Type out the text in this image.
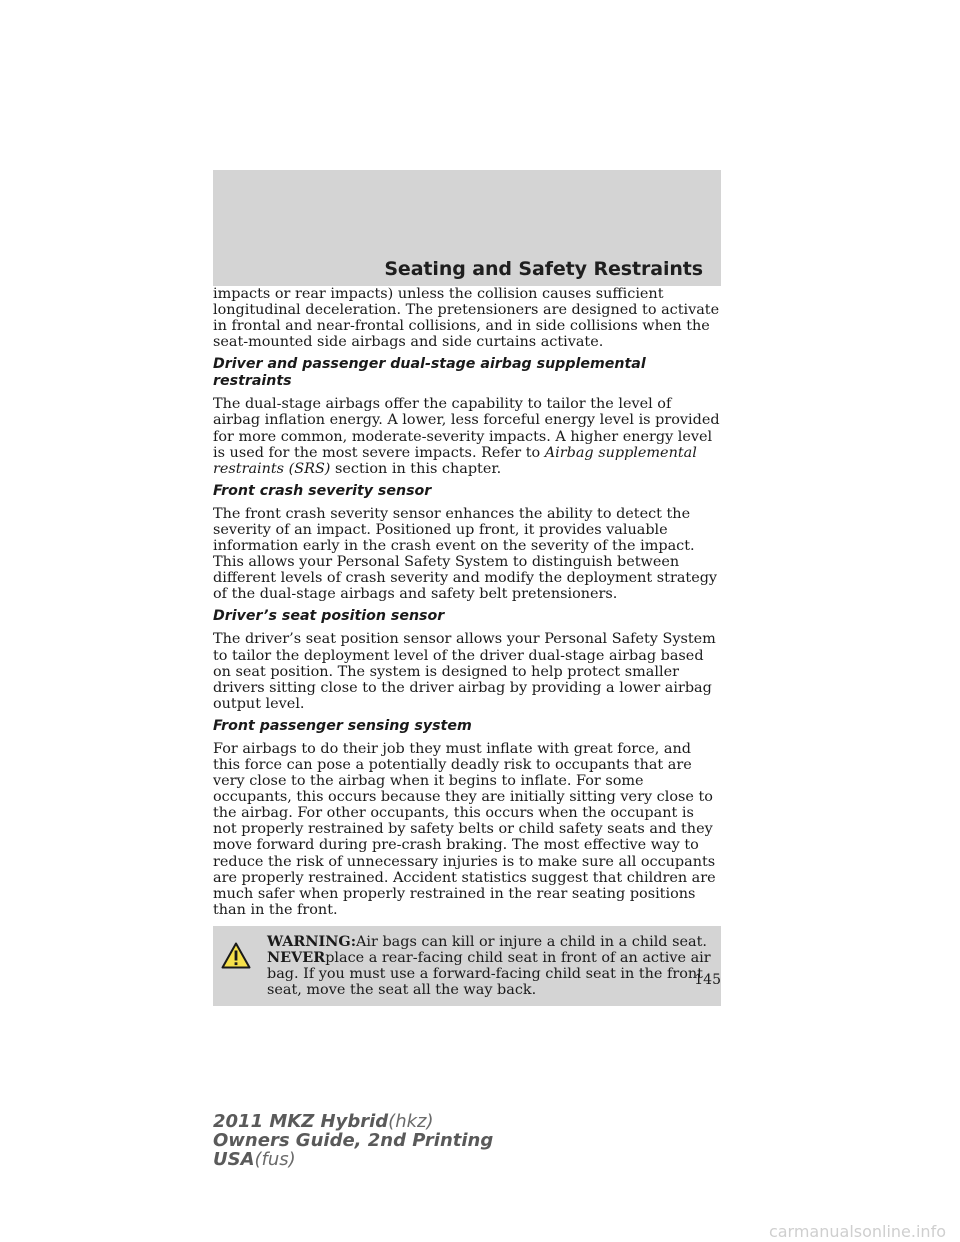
Seating and Safety Restraints

impacts or rear impacts) unless the collision causes sufficient longitudinal deceleration. The pretensioners are designed to activate in frontal and near-frontal collisions, and in side collisions when the seat-mounted side airbags and side curtains activate.

Driver and passenger dual-stage airbag supplemental restraints

The dual-stage airbags offer the capability to tailor the level of airbag inflation energy. A lower, less forceful energy level is provided for more common, moderate-severity impacts. A higher energy level is used for the most severe impacts. Refer to Airbag supplemental restraints (SRS) section in this chapter.

Front crash severity sensor

The front crash severity sensor enhances the ability to detect the severity of an impact. Positioned up front, it provides valuable information early in the crash event on the severity of the impact. This allows your Personal Safety System to distinguish between different levels of crash severity and modify the deployment strategy of the dual-stage airbags and safety belt pretensioners.

Driver’s seat position sensor

The driver’s seat position sensor allows your Personal Safety System to tailor the deployment level of the driver dual-stage airbag based on seat position. The system is designed to help protect smaller drivers sitting close to the driver airbag by providing a lower airbag output level.

Front passenger sensing system

For airbags to do their job they must inflate with great force, and this force can pose a potentially deadly risk to occupants that are very close to the airbag when it begins to inflate. For some occupants, this occurs because they are initially sitting very close to the airbag. For other occupants, this occurs when the occupant is not properly restrained by safety belts or child safety seats and they move forward during pre-crash braking. The most effective way to reduce the risk of unnecessary injuries is to make sure all occupants are properly restrained. Accident statistics suggest that children are much safer when properly restrained in the rear seating positions than in the front.

WARNING:Air bags can kill or injure a child in a child seat.
NEVERplace a rear-facing child seat in front of an active air bag. If you must use a forward-facing child seat in the front seat, move the seat all the way back.
145
2011 MKZ Hybrid(hkz)
Owners Guide, 2nd Printing
USA(fus)
carmanualsonline.info
